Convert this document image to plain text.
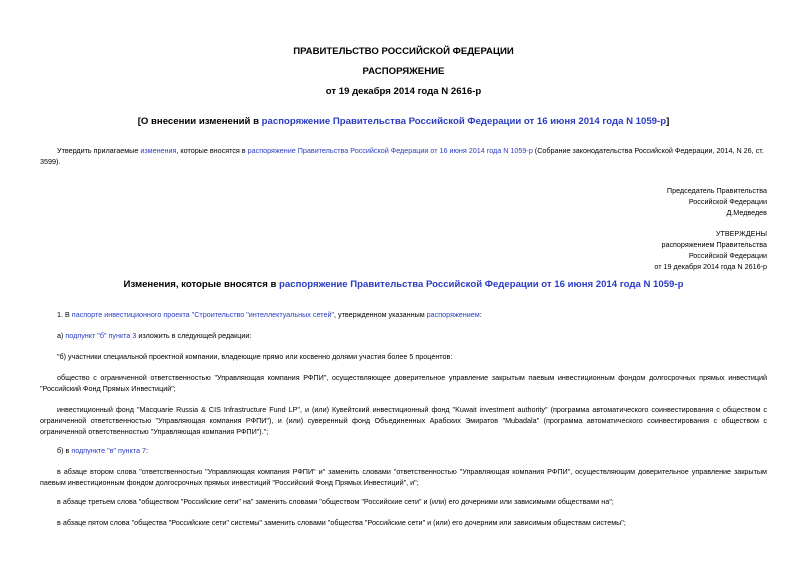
ПРАВИТЕЛЬСТВО РОССИЙСКОЙ ФЕДЕРАЦИИ
РАСПОРЯЖЕНИЕ
от 19 декабря 2014 года N 2616-р
[О внесении изменений в распоряжение Правительства Российской Федерации от 16 июня 2014 года N 1059-р]
Утвердить прилагаемые изменения, которые вносятся в распоряжение Правительства Российской Федерации от 16 июня 2014 года N 1059-р (Собрание законодательства Российской Федерации, 2014, N 26, ст.
3599).
Председатель Правительства
Российской Федерации
Д.Медведев
УТВЕРЖДЕНЫ
распоряжением Правительства
Российской Федерации
от 19 декабря 2014 года N 2616-р
Изменения, которые вносятся в распоряжение Правительства Российской Федерации от 16 июня 2014 года N 1059-р
1. В паспорте инвестиционного проекта "Строительство "интеллектуальных сетей", утвержденном указанным распоряжением:
а) подпункт "б" пункта 3 изложить в следующей редакции:
"б) участники специальной проектной компании, владеющие прямо или косвенно долями участия более 5 процентов:
общество с ограниченной ответственностью "Управляющая компания РФПИ", осуществляющее доверительное управление закрытым паевым инвестиционным фондом долгосрочных прямых инвестиций
"Российский Фонд Прямых Инвестиций";
инвестиционный фонд "Macquarie Russia & CIS Infrastructure Fund LP", и (или) Кувейтский инвестиционный фонд "Kuwait investment authority" (программа автоматического соинвестирования с обществом с
ограниченной ответственностью "Управляющая компания РФПИ"), и (или) суверенный фонд Объединенных Арабских Эмиратов "Mubadala" (программа автоматического соинвестирования с обществом с
ограниченной ответственностью "Управляющая компания РФПИ").";
б) в подпункте "в" пункта 7:
в абзаце втором слова "ответственностью "Управляющая компания РФПИ" и" заменить словами "ответственностью "Управляющая компания РФПИ", осуществляющим доверительное управление закрытым
паевым инвестиционным фондом долгосрочных прямых инвестиций "Российский Фонд Прямых Инвестиций", и";
в абзаце третьем слова "обществом "Российские сети" на" заменить словами "обществом "Российские сети" и (или) его дочерними или зависимыми обществами на";
в абзаце пятом слова "общества "Российские сети" системы" заменить словами "общества "Российские сети" и (или) его дочерним или зависимым обществам системы";
